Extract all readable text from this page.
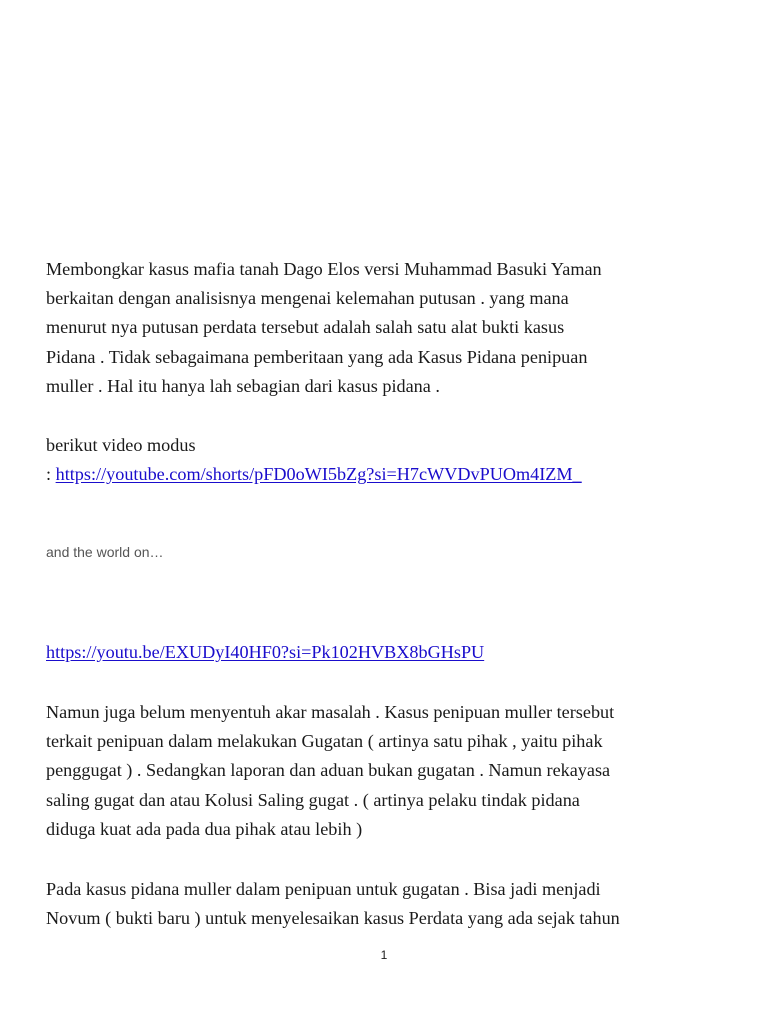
Membongkar kasus mafia tanah Dago Elos versi Muhammad Basuki Yaman
berkaitan dengan analisisnya mengenai kelemahan putusan . yang mana
menurut nya putusan perdata tersebut adalah salah satu alat bukti kasus
Pidana . Tidak sebagaimana pemberitaan yang ada Kasus Pidana penipuan
muller . Hal itu hanya lah sebagian dari kasus pidana .

berikut video modus
: https://youtube.com/shorts/pFD0oWI5bZg?si=H7cWVDvPUOm4IZM_

and the world on…

https://youtu.be/EXUDyI40HF0?si=Pk102HVBX8bGHsPU

Namun juga belum menyentuh akar masalah . Kasus penipuan muller tersebut
terkait penipuan dalam melakukan Gugatan ( artinya satu pihak , yaitu pihak
penggugat ) . Sedangkan laporan dan aduan bukan gugatan . Namun rekayasa
saling gugat dan atau Kolusi Saling gugat . ( artinya pelaku tindak pidana
diduga kuat ada pada dua pihak atau lebih )

Pada kasus pidana muller dalam penipuan untuk gugatan . Bisa jadi menjadi
Novum ( bukti baru ) untuk menyelesaikan kasus Perdata yang ada sejak tahun

1
